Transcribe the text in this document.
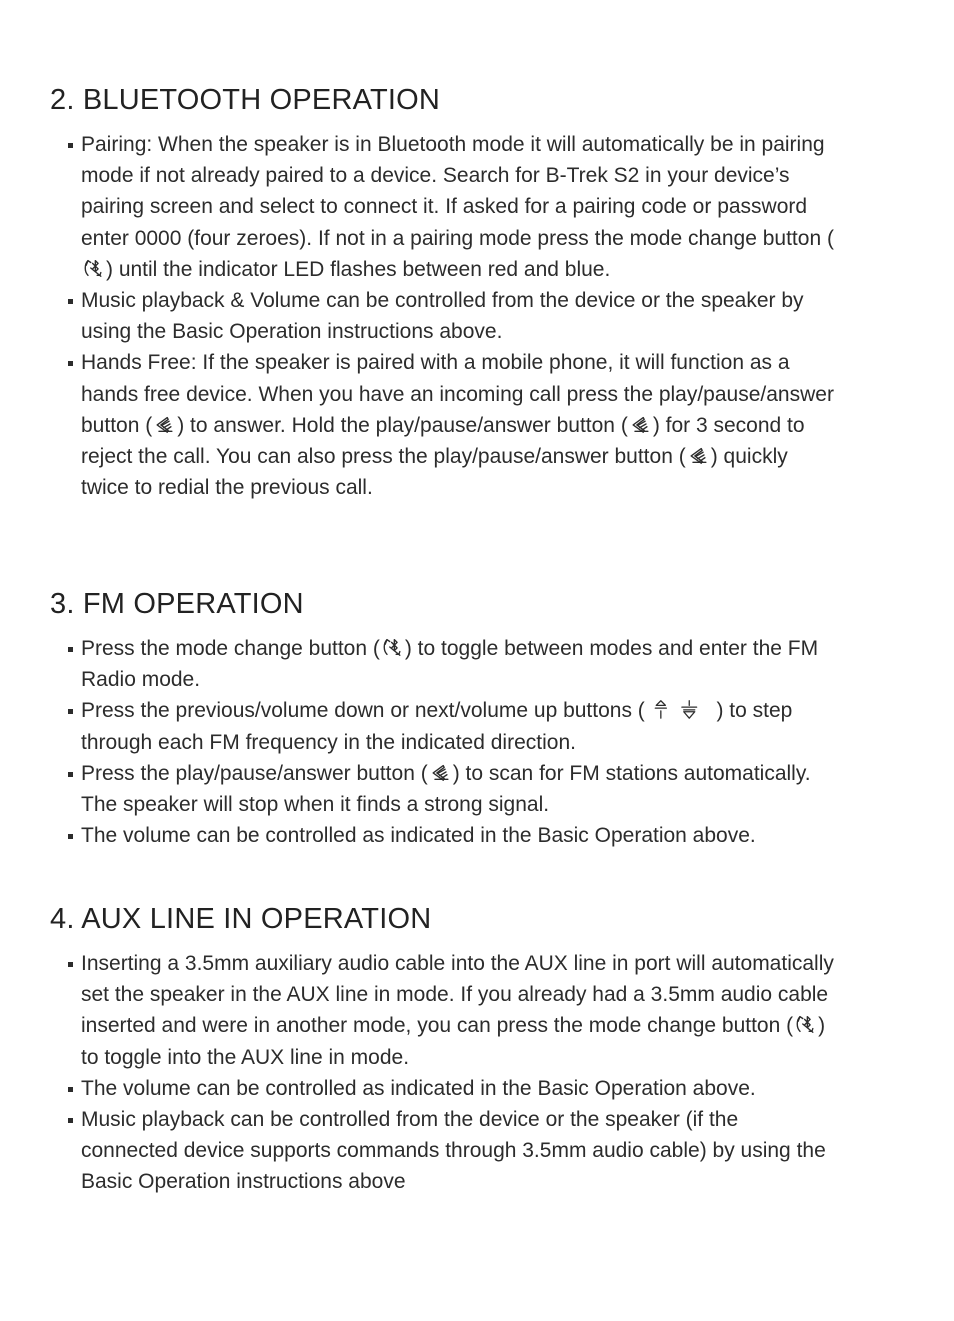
2. BLUETOOTH OPERATION
Pairing: When the speaker is in Bluetooth mode it will automatically be in pairing mode if not already paired to a device. Search for B-Trek S2 in your device’s pairing screen and select to connect it. If asked for a pairing code or password enter 0000 (four zeroes). If not in a pairing mode press the mode change button (
) until the indicator LED flashes between red and blue.
Music playback & Volume can be controlled from the device or the speaker by using the Basic Operation instructions above.
Hands Free: If the speaker is paired with a mobile phone, it will function as a hands free device. When you have an incoming call press the play/pause/answer button ( ) to answer. Hold the play/pause/answer button ( ) for 3 second to reject the call. You can also press the play/pause/answer button ( ) quickly twice to redial the previous call.
3. FM OPERATION
Press the mode change button ( ) to toggle between modes and enter the FM Radio mode.
Press the previous/volume down or next/volume up buttons (	) to step through each FM frequency in the indicated direction.
Press the play/pause/answer button ( ) to scan for FM stations automatically. The speaker will stop when it finds a strong signal.
The volume can be controlled as indicated in the Basic Operation above.
4. AUX LINE IN OPERATION
Inserting a 3.5mm auxiliary audio cable into the AUX line in port will automatically set the speaker in the AUX line in mode. If you already had a 3.5mm audio cable inserted and were in another mode, you can press the mode change button ( ) to toggle into the AUX line in mode.
The volume can be controlled as indicated in the Basic Operation above.
Music playback can be controlled from the device or the speaker (if the connected device supports commands through 3.5mm audio cable) by using the Basic Operation instructions above
